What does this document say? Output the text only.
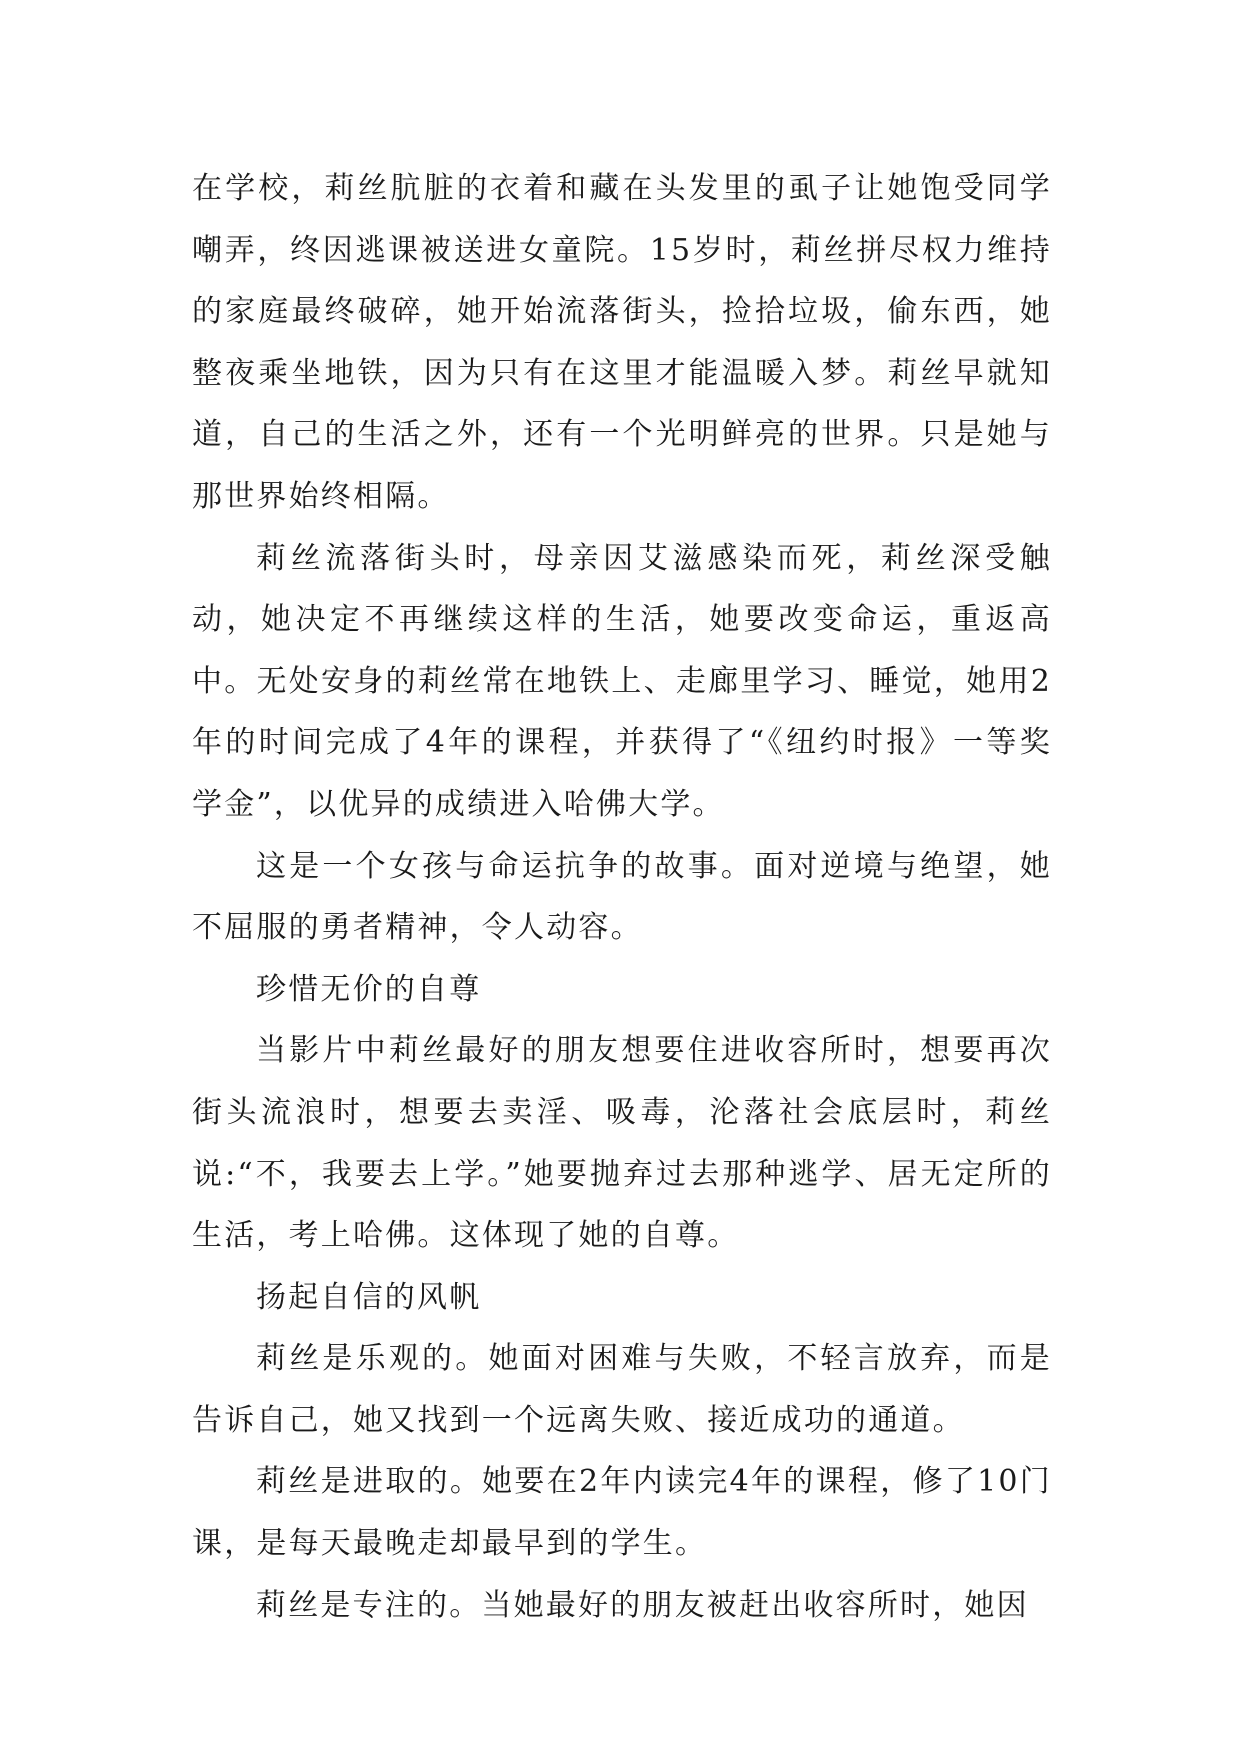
在学校，莉丝肮脏的衣着和藏在头发里的虱子让她饱受同学嘲弄，终因逃课被送进女童院。15岁时，莉丝拼尽权力维持的家庭最终破碎，她开始流落街头，捡拾垃圾，偷东西，她整夜乘坐地铁，因为只有在这里才能温暖入梦。莉丝早就知道，自己的生活之外，还有一个光明鲜亮的世界。只是她与那世界始终相隔。

莉丝流落街头时，母亲因艾滋感染而死，莉丝深受触动，她决定不再继续这样的生活，她要改变命运，重返高中。无处安身的莉丝常在地铁上、走廊里学习、睡觉，她用2年的时间完成了4年的课程，并获得了“《纽约时报》一等奖学金”，以优异的成绩进入哈佛大学。

这是一个女孩与命运抗争的故事。面对逆境与绝望，她不屈服的勇者精神，令人动容。

珍惜无价的自尊

当影片中莉丝最好的朋友想要住进收容所时，想要再次街头流浪时，想要去卖淫、吸毒，沦落社会底层时，莉丝说:“不，我要去上学。”她要抛弃过去那种逃学、居无定所的生活，考上哈佛。这体现了她的自尊。

扬起自信的风帆

莉丝是乐观的。她面对困难与失败，不轻言放弃，而是告诉自己，她又找到一个远离失败、接近成功的通道。

莉丝是进取的。她要在2年内读完4年的课程，修了10门课，是每天最晚走却最早到的学生。

莉丝是专注的。当她最好的朋友被赶出收容所时，她因
